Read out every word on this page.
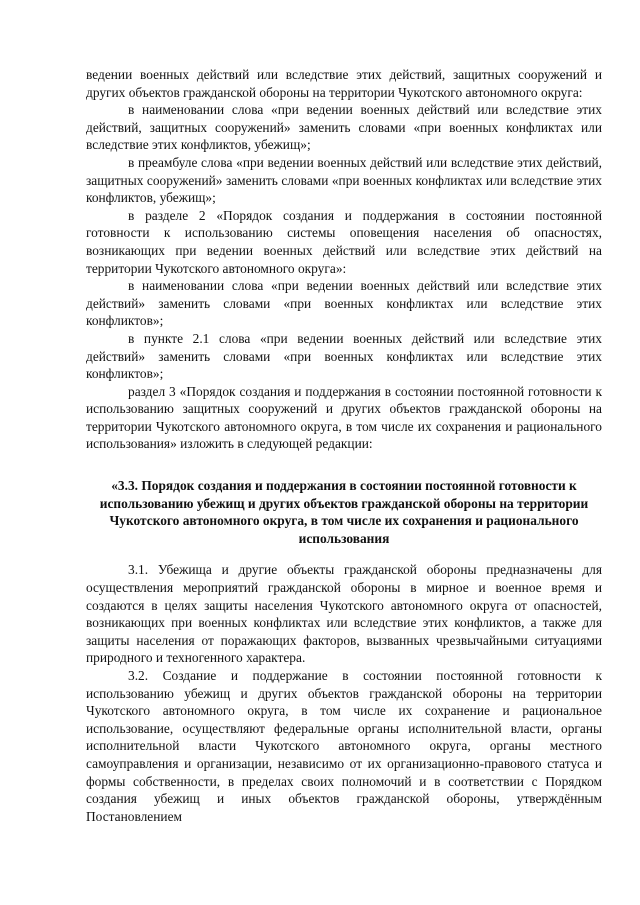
ведении военных действий или вследствие этих действий, защитных сооружений и других объектов гражданской обороны на территории Чукотского автономного округа:

в наименовании слова «при ведении военных действий или вследствие этих действий, защитных сооружений» заменить словами «при военных конфликтах или вследствие этих конфликтов, убежищ»;

в преамбуле слова «при ведении военных действий или вследствие этих действий, защитных сооружений» заменить словами «при военных конфликтах или вследствие этих конфликтов, убежищ»;

в разделе 2 «Порядок создания и поддержания в состоянии постоянной готовности к использованию системы оповещения населения об опасностях, возникающих при ведении военных действий или вследствие этих действий на территории Чукотского автономного округа»:

в наименовании слова «при ведении военных действий или вследствие этих действий» заменить словами «при военных конфликтах или вследствие этих конфликтов»;

в пункте 2.1 слова «при ведении военных действий или вследствие этих действий» заменить словами «при военных конфликтах или вследствие этих конфликтов»;

раздел 3 «Порядок создания и поддержания в состоянии постоянной готовности к использованию защитных сооружений и других объектов гражданской обороны на территории Чукотского автономного округа, в том числе их сохранения и рационального использования» изложить в следующей редакции:

«3.3. Порядок создания и поддержания в состоянии постоянной готовности к использованию убежищ и других объектов гражданской обороны на территории Чукотского автономного округа, в том числе их сохранения и рационального использования

3.1. Убежища и другие объекты гражданской обороны предназначены для осуществления мероприятий гражданской обороны в мирное и военное время и создаются в целях защиты населения Чукотского автономного округа от опасностей, возникающих при военных конфликтах или вследствие этих конфликтов, а также для защиты населения от поражающих факторов, вызванных чрезвычайными ситуациями природного и техногенного характера.

3.2. Создание и поддержание в состоянии постоянной готовности к использованию убежищ и других объектов гражданской обороны на территории Чукотского автономного округа, в том числе их сохранение и рациональное использование, осуществляют федеральные органы исполнительной власти, органы исполнительной власти Чукотского автономного округа, органы местного самоуправления и организации, независимо от их организационно-правового статуса и формы собственности, в пределах своих полномочий и в соответствии с Порядком создания убежищ и иных объектов гражданской обороны, утверждённым Постановлением
